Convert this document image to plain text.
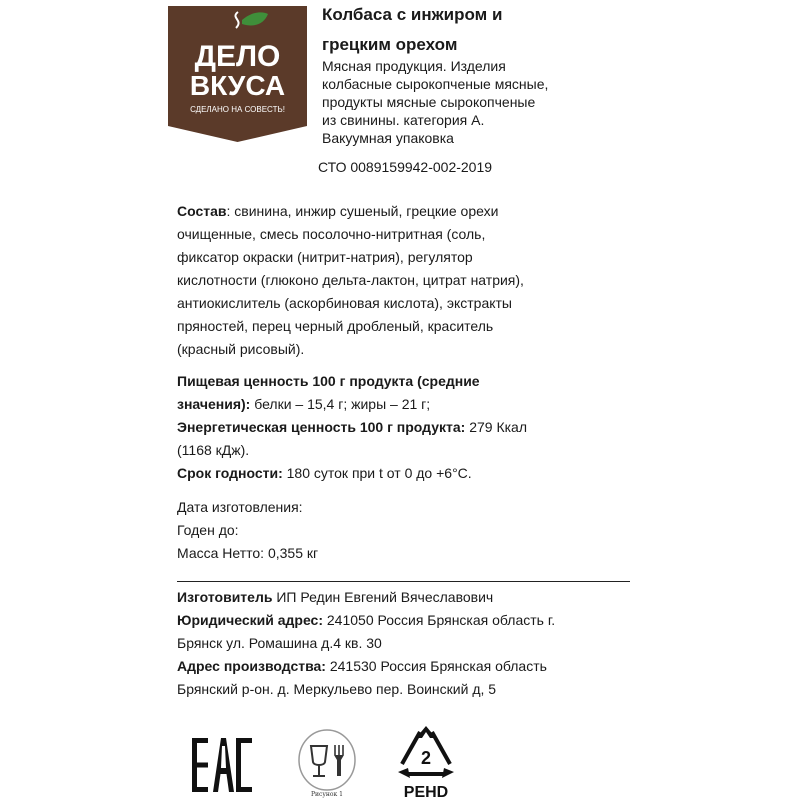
ДЕЛО
ВКУСА
СДЕЛАНО НА СОВЕСТЬ!
Колбаса с инжиром и
грецким орехом
Мясная продукция. Изделия
колбасные сырокопченые мясные,
продукты мясные сырокопченые
из свинины. категория А.
Вакуумная упаковка
СТО 0089159942-002-2019
Состав: свинина, инжир сушеный, грецкие орехи
очищенные, смесь посолочно-нитритная (соль,
фиксатор окраски (нитрит-натрия), регулятор
кислотности (глюконо дельта-лактон, цитрат натрия),
антиокислитель (аскорбиновая кислота), экстракты
пряностей, перец черный дробленый, краситель
(красный рисовый).
Пищевая ценность 100 г продукта (средние
значения): белки – 15,4 г; жиры – 21 г;
Энергетическая ценность 100 г продукта: 279 Ккал
(1168 кДж).
Срок годности: 180 суток при t от 0 до +6°С.
Дата изготовления:
Годен до:
Масса Нетто: 0,355 кг
Изготовитель ИП Редин Евгений Вячеславович
Юридический адрес: 241050 Россия Брянская область г.
Брянск ул. Ромашина д.4 кв. 30
Адрес производства: 241530 Россия Брянская область
Брянский р-он. д. Меркульево пер. Воинский д, 5
Рисунок 1
2
PEHD
